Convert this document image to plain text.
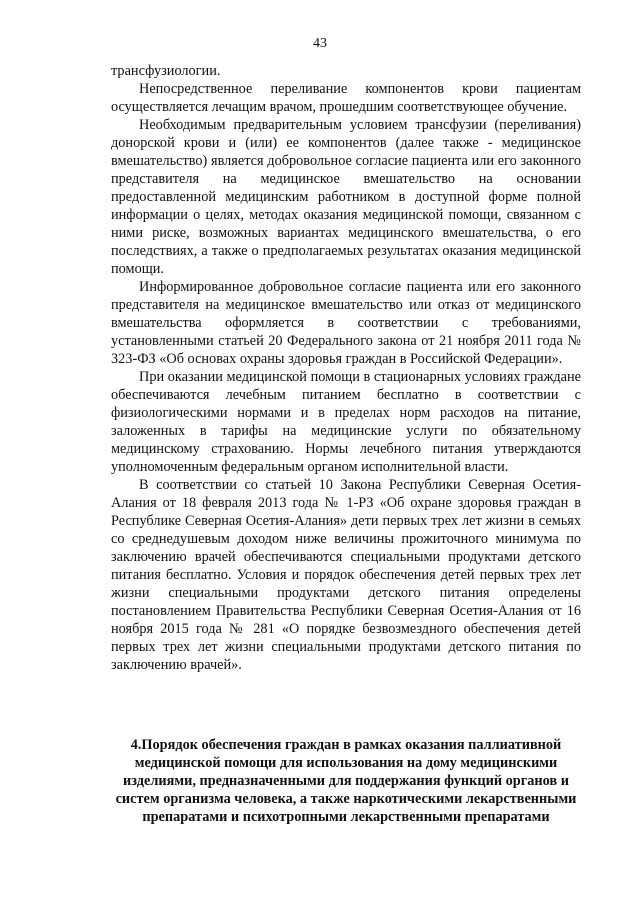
43

трансфузиологии.

Непосредственное переливание компонентов крови пациентам осуществляется лечащим врачом, прошедшим соответствующее обучение.

Необходимым предварительным условием трансфузии (переливания) донорской крови и (или) ее компонентов (далее также - медицинское вмешательство) является добровольное согласие пациента или его законного представителя на медицинское вмешательство на основании предоставленной медицинским работником в доступной форме полной информации о целях, методах оказания медицинской помощи, связанном с ними риске, возможных вариантах медицинского вмешательства, о его последствиях, а также о предполагаемых результатах оказания медицинской помощи.

Информированное добровольное согласие пациента или его законного представителя на медицинское вмешательство или отказ от медицинского вмешательства оформляется в соответствии с требованиями, установленными статьей 20 Федерального закона от 21 ноября 2011 года № 323-ФЗ «Об основах охраны здоровья граждан в Российской Федерации».

При оказании медицинской помощи в стационарных условиях граждане обеспечиваются лечебным питанием бесплатно в соответствии с физиологическими нормами и в пределах норм расходов на питание, заложенных в тарифы на медицинские услуги по обязательному медицинскому страхованию. Нормы лечебного питания утверждаются уполномоченным федеральным органом исполнительной власти.

В соответствии со статьей 10 Закона Республики Северная Осетия-Алания от 18 февраля 2013 года № 1-РЗ «Об охране здоровья граждан в Республике Северная Осетия-Алания» дети первых трех лет жизни в семьях со среднедушевым доходом ниже величины прожиточного минимума по заключению врачей обеспечиваются специальными продуктами детского питания бесплатно. Условия и порядок обеспечения детей первых трех лет жизни специальными продуктами детского питания определены постановлением Правительства Республики Северная Осетия-Алания от 16 ноября 2015 года № 281 «О порядке безвозмездного обеспечения детей первых трех лет жизни специальными продуктами детского питания по заключению врачей».

4.Порядок обеспечения граждан в рамках оказания паллиативной медицинской помощи для использования на дому медицинскими изделиями, предназначенными для поддержания функций органов и систем организма человека, а также наркотическими лекарственными препаратами и психотропными лекарственными препаратами
